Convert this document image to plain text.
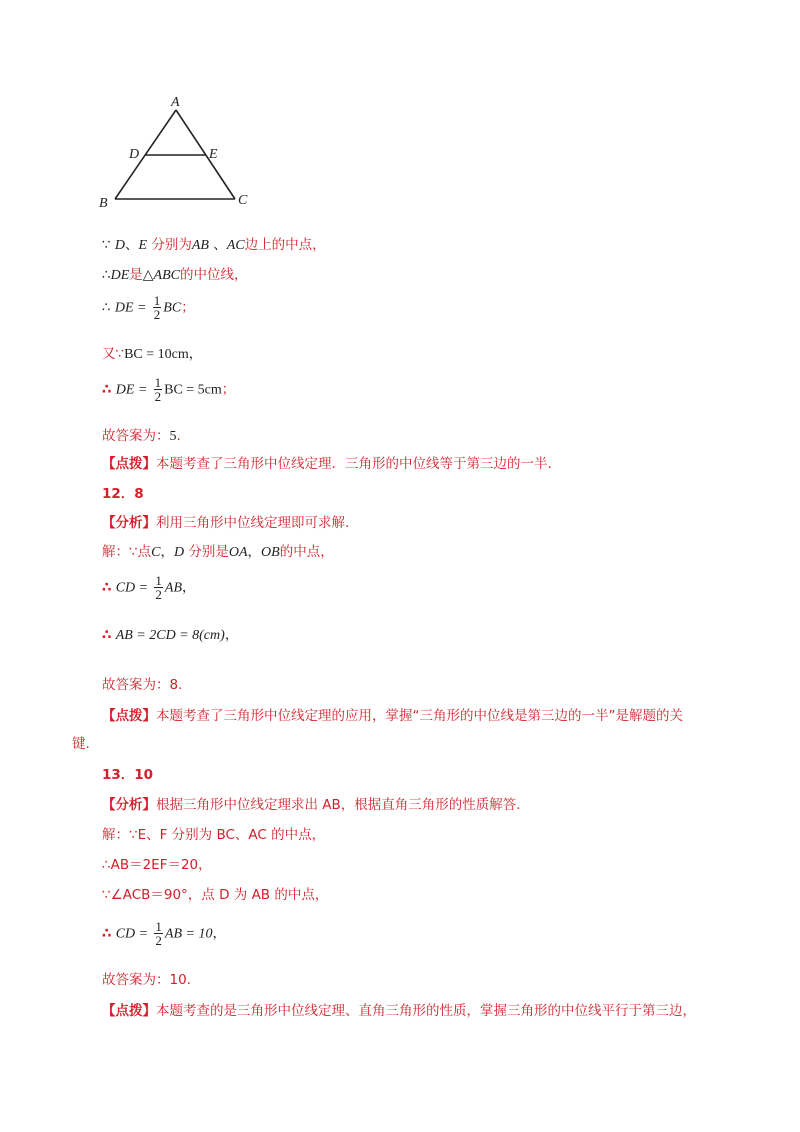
A
D	E
B	C
∵ D、E 分别为AB 、AC边上的中点，
∴DE是△ABC的中位线，
∴ DE = $\frac{1}{2}$ BC；
又∵BC = 10cm，
∴ DE = $\frac{1}{2}$ BC = 5cm；
故答案为：5.
【点拨】本题考查了三角形中位线定理．三角形的中位线等于第三边的一半．
12．8
【分析】利用三角形中位线定理即可求解.
解：∵点C，D 分别是OA，OB的中点，
∴ CD = $\frac{1}{2}$ AB，
∴ AB = 2CD = 8(cm)，
故答案为：8.
【点拨】本题考查了三角形中位线定理的应用，掌握“三角形的中位线是第三边的一半”是解题的关
键.
13．10
【分析】根据三角形中位线定理求出 AB，根据直角三角形的性质解答.
解：∵E、F 分别为 BC、AC 的中点，
∴AB＝2EF＝20，
∵∠ACB＝90°，点 D 为 AB 的中点，
∴ CD = $\frac{1}{2}$ AB = 10，
故答案为：10.
【点拨】本题考查的是三角形中位线定理、直角三角形的性质，掌握三角形的中位线平行于第三边，
